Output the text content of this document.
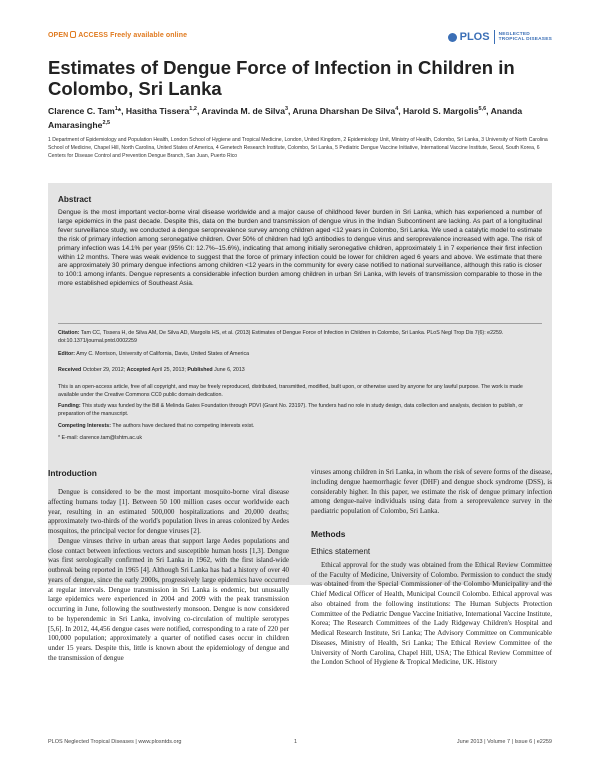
OPEN ACCESS Freely available online	PLOS NEGLECTED
TROPICAL DISEASES
Estimates of Dengue Force of Infection in Children in Colombo, Sri Lanka
Clarence C. Tam$^1$*, Hasitha Tissera$^{1,2}$, Aravinda M. de Silva$^3$, Aruna Dharshan De Silva$^4$, Harold S. Margolis$^{5,6}$, Ananda Amarasinghe$^{2,5}$
1 Department of Epidemiology and Population Health, London School of Hygiene and Tropical Medicine, London, United Kingdom, 2 Epidemiology Unit, Ministry of Health, Colombo, Sri Lanka, 3 University of North Carolina School of Medicine, Chapel Hill, North Carolina, United States of America, 4 Genetech Research Institute, Colombo, Sri Lanka, 5 Pediatric Dengue Vaccine Initiative, International Vaccine Institute, Seoul, South Korea, 6 Centers for Disease Control and Prevention Dengue Branch, San Juan, Puerto Rico
Abstract
Dengue is the most important vector-borne viral disease worldwide and a major cause of childhood fever burden in Sri Lanka, which has experienced a number of large epidemics in the past decade. Despite this, data on the burden and transmission of dengue virus in the Indian Subcontinent are lacking. As part of a longitudinal fever surveillance study, we conducted a dengue seroprevalence survey among children aged <12 years in Colombo, Sri Lanka. We used a catalytic model to estimate the risk of primary infection among seronegative children. Over 50% of children had IgG antibodies to dengue virus and seroprevalence increased with age. The risk of primary infection was 14.1% per year (95% CI: 12.7%–15.6%), indicating that among initially seronegative children, approximately 1 in 7 experience their first infection within 12 months. There was weak evidence to suggest that the force of primary infection could be lower for children aged 6 years and above. We estimate that there are approximately 30 primary dengue infections among children <12 years in the community for every case notified to national surveillance, although this ratio is closer to 100:1 among infants. Dengue represents a considerable infection burden among children in urban Sri Lanka, with levels of transmission comparable to those in the more established epidemics of Southeast Asia.
Citation: Tam CC, Tissera H, de Silva AM, De Silva AD, Margolis HS, et al. (2013) Estimates of Dengue Force of Infection in Children in Colombo, Sri Lanka. PLoS Negl Trop Dis 7(6): e2259. doi:10.1371/journal.pntd.0002259
Editor: Amy C. Morrison, University of California, Davis, United States of America
Received October 29, 2012; Accepted April 25, 2013; Published June 6, 2013
This is an open-access article, free of all copyright, and may be freely reproduced, distributed, transmitted, modified, built upon, or otherwise used by anyone for any lawful purpose. The work is made available under the Creative Commons CC0 public domain dedication.
Funding: This study was funded by the Bill & Melinda Gates Foundation through PDVI (Grant No. 23197). The funders had no role in study design, data collection and analysis, decision to publish, or preparation of the manuscript.
Competing Interests: The authors have declared that no competing interests exist.
* E-mail: clarence.tam@lshtm.ac.uk
Introduction

Dengue is considered to be the most important mosquito-borne viral disease affecting humans today [1]. Between 50 100 million cases occur worldwide each year, resulting in an estimated 500,000 hospitalizations and 20,000 deaths; approximately two-thirds of the world's population lives in areas colonized by Aedes mosquitos, the principal vector for dengue viruses [2].

Dengue viruses thrive in urban areas that support large Aedes populations and close contact between infectious vectors and susceptible human hosts [1,3]. Dengue was first serologically confirmed in Sri Lanka in 1962, with the first island-wide outbreak being reported in 1965 [4]. Although Sri Lanka has had a history of over 40 years of dengue, since the early 2000s, progressively large epidemics have occurred at regular intervals. Dengue transmission in Sri Lanka is endemic, but unusually large epidemics were experienced in 2004 and 2009 with the peak transmission occurring in June, following the southwesterly monsoon. Dengue is now considered to be hyperendemic in Sri Lanka, involving co-circulation of multiple serotypes [5,6]. In 2012, 44,456 dengue cases were notified, corresponding to a rate of 220 per 100,000 population; approximately a quarter of notified cases occur in children under 15 years. Despite this, little is known about the epidemiology of dengue and the transmission of dengue

viruses among children in Sri Lanka, in whom the risk of severe forms of the disease, including dengue haemorrhagic fever (DHF) and dengue shock syndrome (DSS), is considerably higher. In this paper, we estimate the risk of dengue primary infection among dengue-naive individuals using data from a seroprevalence survey in the paediatric population of Colombo, Sri Lanka.

Methods
Ethics statement

Ethical approval for the study was obtained from the Ethical Review Committee of the Faculty of Medicine, University of Colombo. Permission to conduct the study was obtained from the Special Commissioner of the Colombo Municipality and the Chief Medical Officer of Health, Municipal Council Colombo. Ethical approval was also obtained from the following institutions: The Human Subjects Protection Committee of the Pediatric Dengue Vaccine Initiative, International Vaccine Institute, Korea; The Research Committees of the Lady Ridgeway Children's Hospital and Medical Research Institute, Sri Lanka; The Advisory Committee on Communicable Diseases, Ministry of Health, Sri Lanka; The Ethical Review Committee of the University of North Carolina, Chapel Hill, USA; The Ethical Review Committee of the London School of Hygiene & Tropical Medicine, UK. History

PLOS Neglected Tropical Diseases | www.plosntds.org	1	June 2013 | Volume 7 | Issue 6 | e2259
